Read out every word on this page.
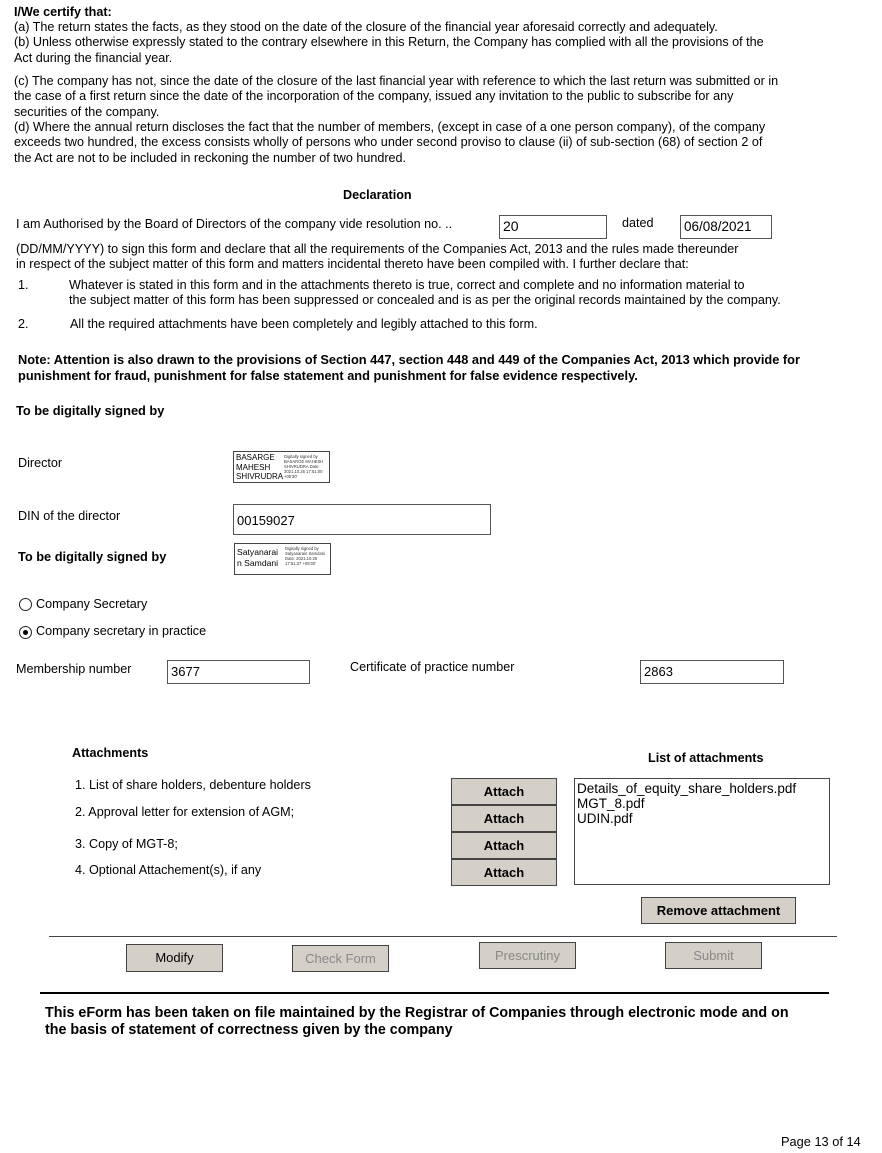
I/We certify that:
(a) The return states the facts, as they stood on the date of the closure of the financial year aforesaid correctly and adequately.
(b) Unless otherwise expressly stated to the contrary elsewhere in this Return, the Company has complied with all the provisions of the
Act during the financial year.
(c) The company has not, since the date of the closure of the last financial year with reference to which the last return was submitted or in
the case of a first return since the date of the incorporation of the company, issued any invitation to the public to subscribe for any
securities of the company.
(d) Where the annual return discloses the fact that the number of members, (except in case of a one person company), of the company
exceeds two hundred, the excess consists wholly of persons who under second proviso to clause (ii) of sub-section (68) of section 2 of
the Act are not to be included in reckoning the number of two hundred.
Declaration
I am Authorised by the Board of Directors of the company vide resolution no. ..	20	dated 06/08/2021
(DD/MM/YYYY) to sign this form and declare that all the requirements of the Companies Act, 2013 and the rules made thereunder
in respect of the subject matter of this form and matters incidental thereto have been compiled with. I further declare that:
1.	Whatever is stated in this form and in the attachments thereto is true, correct and complete and no information material to
the subject matter of this form has been suppressed or concealed and is as per the original records maintained by the company.
2.	All the required attachments have been completely and legibly attached to this form.
Note: Attention is also drawn to the provisions of Section 447, section 448 and 449 of the Companies Act, 2013 which provide for
punishment for fraud, punishment for false statement and punishment for false evidence respectively.
To be digitally signed by
Director	BASARGE
MAHESH
SHIVRUDRA
Digitally signed by BASARGE MAHESH SHIVRUDRA Date: 2021.10.26 17:51:00 +05'30'
DIN of the director	00159027
To be digitally signed by	Satyanarai
n Samdani
Digitally signed by Satyanarain Samdani Date: 2021.10.26 17:51:37 +05'30'
Company Secretary
Company secretary in practice
Membership number	3677	Certificate of practice number	2863
Attachments	List of attachments
1. List of share holders, debenture holders
2. Approval letter for extension of AGM;
3. Copy of MGT-8;
4. Optional Attachement(s), if any
Attach
Attach
Attach
Attach
Details_of_equity_share_holders.pdf
MGT_8.pdf
UDIN.pdf
Remove attachment
Modify	Check Form	Prescrutiny	Submit
This eForm has been taken on file maintained by the Registrar of Companies through electronic mode and on
the basis of statement of correctness given by the company
Page 13 of 14
